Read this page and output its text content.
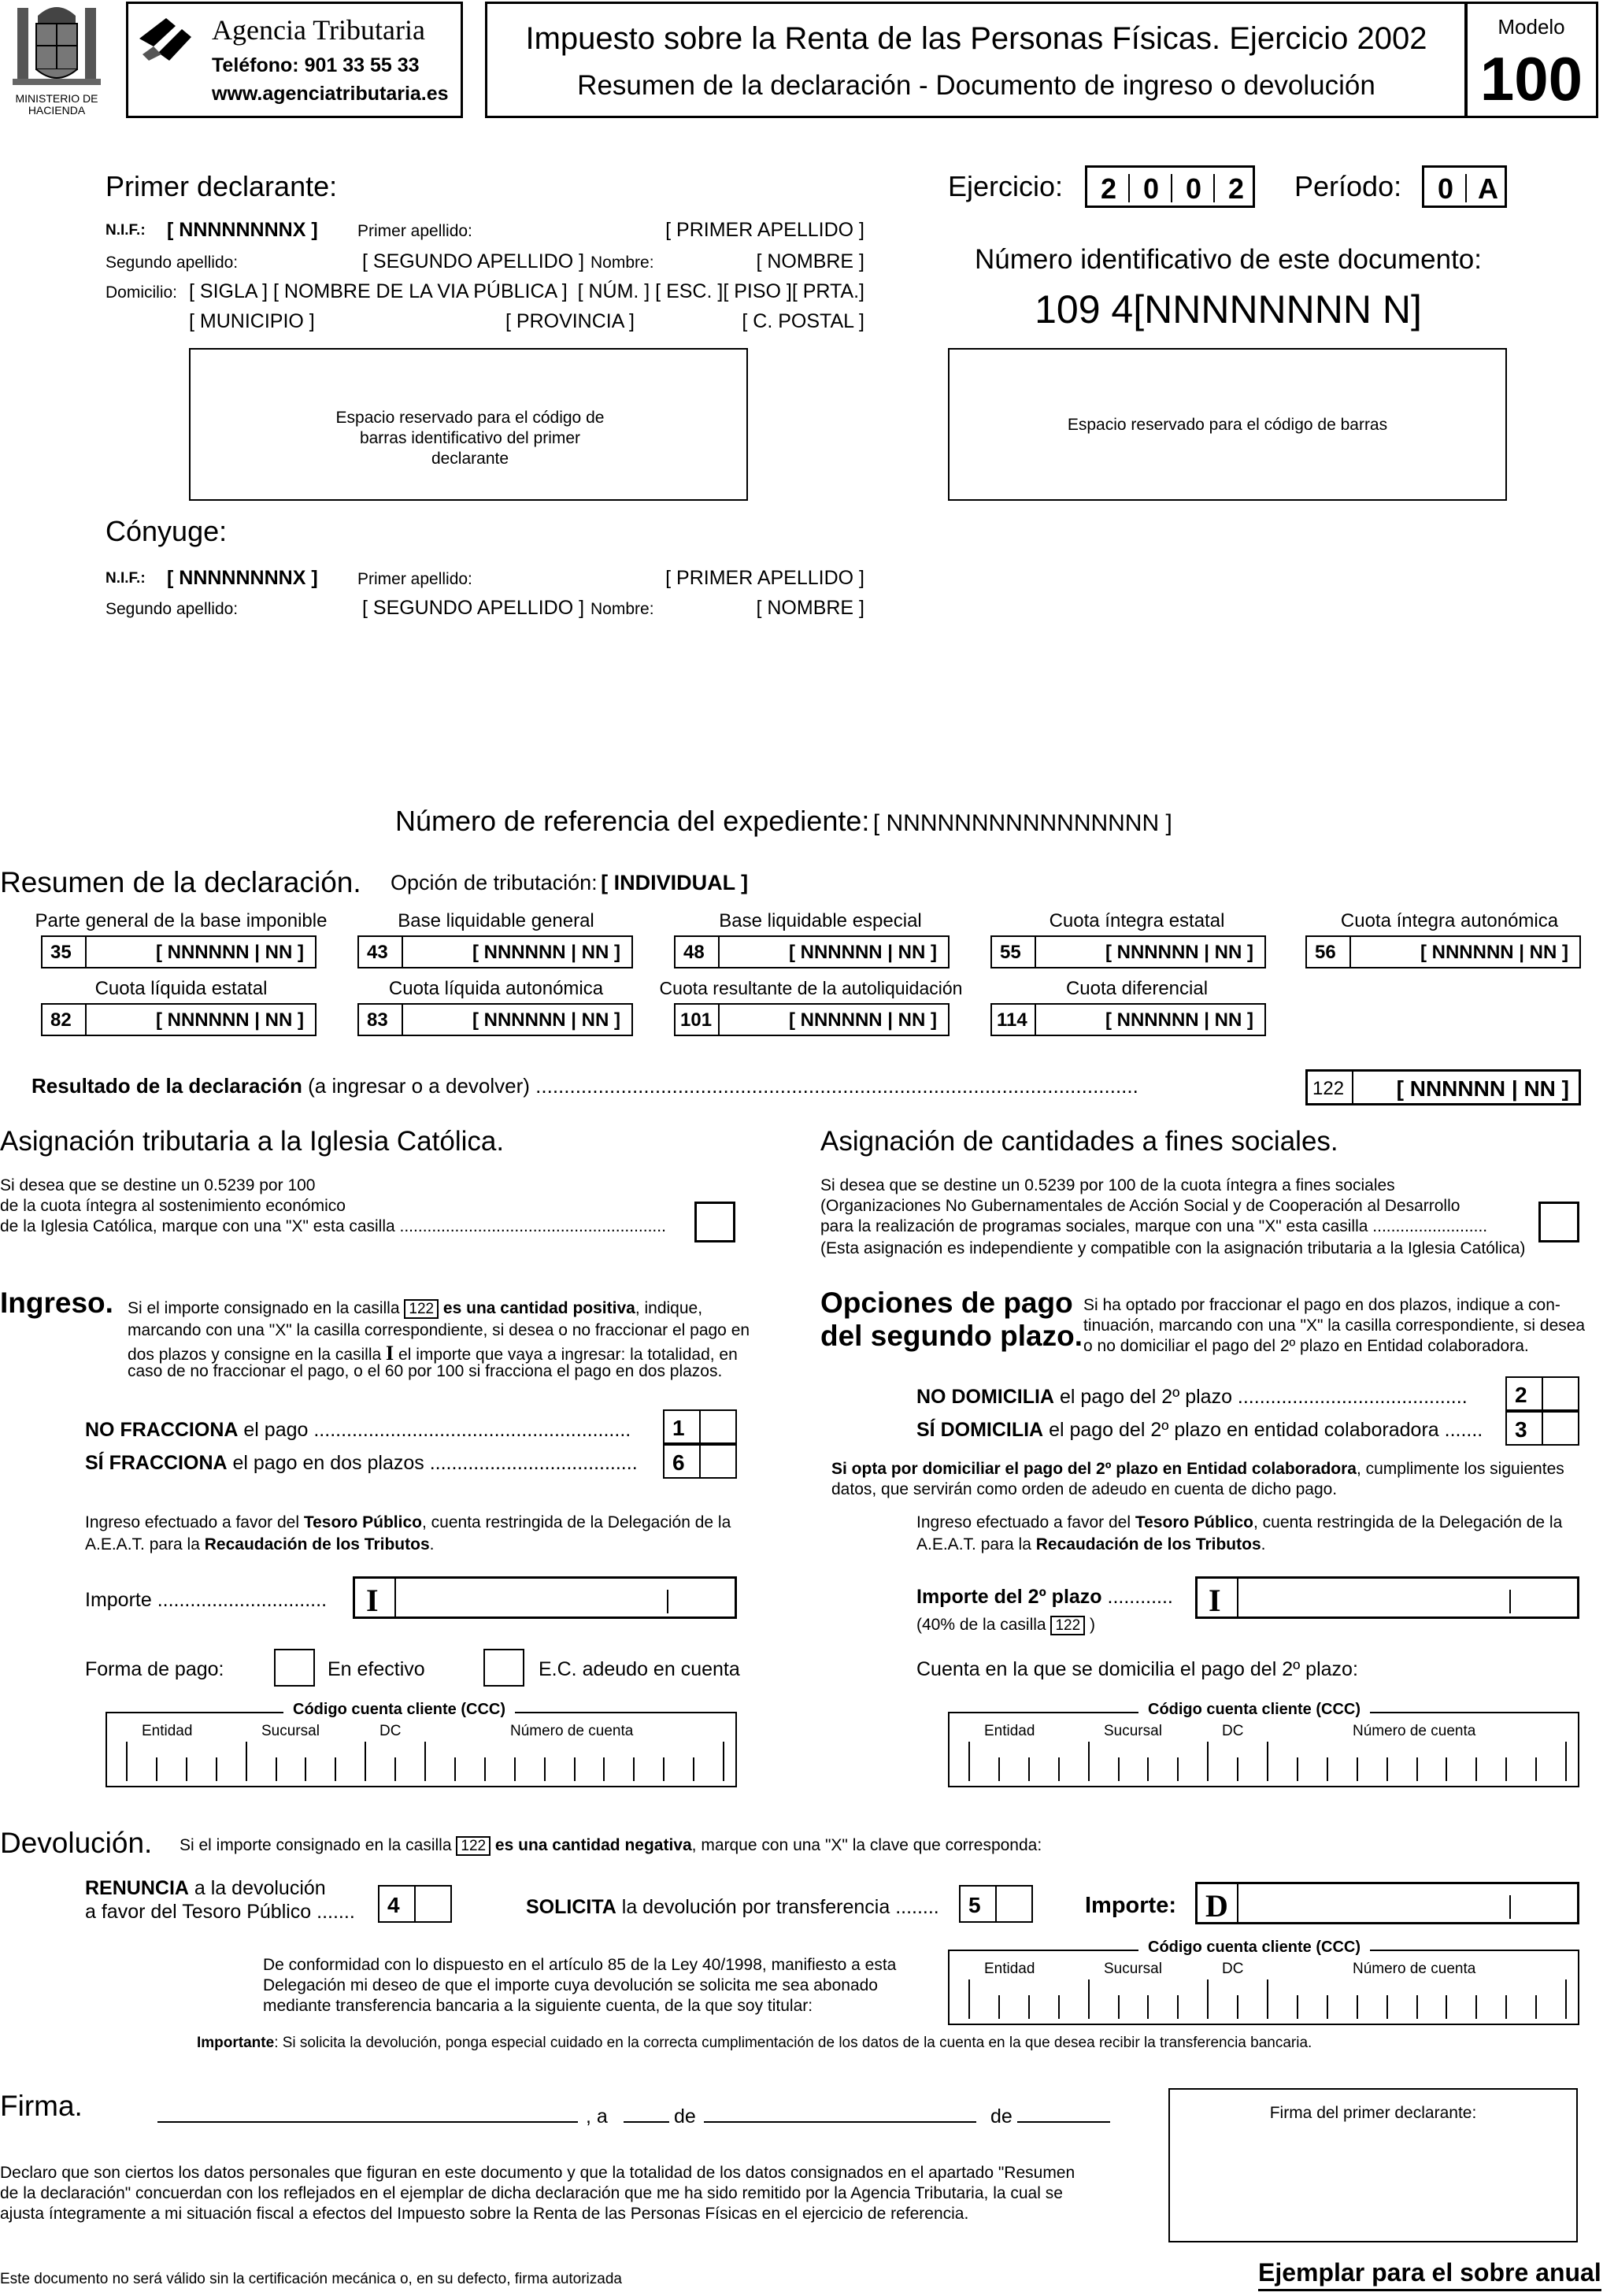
MINISTERIO DE HACIENDA
Agencia Tributaria
Teléfono: 901 33 55 33
www.agenciatributaria.es
Impuesto sobre la Renta de las Personas Físicas. Ejercicio 2002
Resumen de la declaración - Documento de ingreso o devolución
Modelo
100
Primer declarante:
N.I.F.: [ NNNNNNNNX ] Primer apellido:	[ PRIMER APELLIDO ]
Segundo apellido:	[ SEGUNDO APELLIDO ] Nombre:	[ NOMBRE ]
Domicilio: [ SIGLA ] [ NOMBRE DE LA VIA PÚBLICA ] [ NÚM. ] [ ESC. ][ PISO ][ PRTA.]
[ MUNICIPIO ]	[ PROVINCIA ]	[ C. POSTAL ]
Espacio reservado para el código de barras identificativo del primer declarante
Ejercicio:	2 0 0 2	Período:	0 A
Número identificativo de este documento:
109 4[NNNNNNNN N]
Espacio reservado para el código de barras
Cónyuge:
N.I.F.: [ NNNNNNNNX ] Primer apellido:	[ PRIMER APELLIDO ]
Segundo apellido:	[ SEGUNDO APELLIDO ] Nombre:	[ NOMBRE ]
Número de referencia del expediente: [ NNNNNNNNNNNNNNNN ]
Resumen de la declaración. Opción de tributación: [ INDIVIDUAL ]
Parte general de la base imponible
35	[ NNNNNN | NN ]
Base liquidable general
43	[ NNNNNN | NN ]
Base liquidable especial
48	[ NNNNNN | NN ]
Cuota íntegra estatal
55	[ NNNNNN | NN ]
Cuota íntegra autonómica
56	[ NNNNNN | NN ]
Cuota líquida estatal
82	[ NNNNNN | NN ]
Cuota líquida autonómica
83	[ NNNNNN | NN ]
Cuota resultante de la autoliquidación
101	[ NNNNNN | NN ]
Cuota diferencial
114	[ NNNNNN | NN ]
Resultado de la declaración (a ingresar o a devolver) ..........................................................................................................	122 [ NNNNNN | NN ]
Asignación tributaria a la Iglesia Católica.
Si desea que se destine un 0.5239 por 100
de la cuota íntegra al sostenimiento económico
de la Iglesia Católica, marque con una "X" esta casilla ..........................................................
Asignación de cantidades a fines sociales.
Si desea que se destine un 0.5239 por 100 de la cuota íntegra a fines sociales
(Organizaciones No Gubernamentales de Acción Social y de Cooperación al Desarrollo
para la realización de programas sociales, marque con una "X" esta casilla .........................
(Esta asignación es independiente y compatible con la asignación tributaria a la Iglesia Católica)
Ingreso. Si el importe consignado en la casilla 122 es una cantidad positiva, indique,
marcando con una "X" la casilla correspondiente, si desea o no fraccionar el pago en
dos plazos y consigne en la casilla I el importe que vaya a ingresar: la totalidad, en
caso de no fraccionar el pago, o el 60 por 100 si fracciona el pago en dos plazos.
NO FRACCIONA el pago .......................................................... 1
SÍ FRACCIONA el pago en dos plazos ...................................... 6
Ingreso efectuado a favor del Tesoro Público, cuenta restringida de la Delegación de la
A.E.A.T. para la Recaudación de los Tributos.
Importe ............................... I
Forma de pago:	En efectivo	E.C. adeudo en cuenta
Código cuenta cliente (CCC)
Entidad	Sucursal	DC	Número de cuenta
Opciones de pago
del segundo plazo.
Si ha optado por fraccionar el pago en dos plazos, indique a con-
tinuación, marcando con una "X" la casilla correspondiente, si desea
o no domiciliar el pago del 2º plazo en Entidad colaboradora.
NO DOMICILIA el pago del 2º plazo .......................................... 2
SÍ DOMICILIA el pago del 2º plazo en entidad colaboradora ....... 3
Si opta por domiciliar el pago del 2º plazo en Entidad colaboradora, cumplimente los siguientes
datos, que servirán como orden de adeudo en cuenta de dicho pago.
Ingreso efectuado a favor del Tesoro Público, cuenta restringida de la Delegación de la
A.E.A.T. para la Recaudación de los Tributos.
Importe del 2º plazo ............
(40% de la casilla 122 )
I
Cuenta en la que se domicilia el pago del 2º plazo:
Código cuenta cliente (CCC)
Entidad	Sucursal	DC	Número de cuenta
Devolución. Si el importe consignado en la casilla 122 es una cantidad negativa, marque con una "X" la clave que corresponda:
RENUNCIA a la devolución
a favor del Tesoro Público ....... 4	SOLICITA la devolución por transferencia ........ 5	Importe: D
De conformidad con lo dispuesto en el artículo 85 de la Ley 40/1998, manifiesto a esta
Delegación mi deseo de que el importe cuya devolución se solicita me sea abonado
mediante transferencia bancaria a la siguiente cuenta, de la que soy titular:
Código cuenta cliente (CCC)
Entidad	Sucursal	DC	Número de cuenta
Importante: Si solicita la devolución, ponga especial cuidado en la correcta cumplimentación de los datos de la cuenta en la que desea recibir la transferencia bancaria.
Firma.	, a	de	de	Firma del primer declarante:
Declaro que son ciertos los datos personales que figuran en este documento y que la totalidad de los datos consignados en el apartado "Resumen
de la declaración" concuerdan con los reflejados en el ejemplar de dicha declaración que me ha sido remitido por la Agencia Tributaria, la cual se
ajusta íntegramente a mi situación fiscal a efectos del Impuesto sobre la Renta de las Personas Físicas en el ejercicio de referencia.
Este documento no será válido sin la certificación mecánica o, en su defecto, firma autorizada	Ejemplar para el sobre anual
